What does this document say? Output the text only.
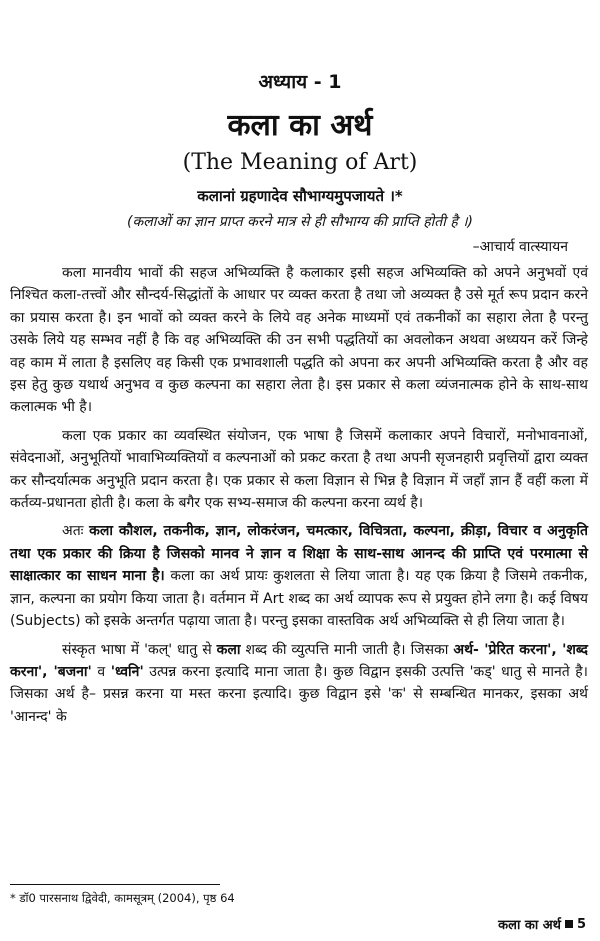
अध्याय - 1
कला का अर्थ
(The Meaning of Art)
कलानां ग्रहणादेव सौभाग्यमुपजायते ।*
(कलाओं का ज्ञान प्राप्त करने मात्र से ही सौभाग्य की प्राप्ति होती है ।)
–आचार्य वात्स्यायन

कला मानवीय भावों की सहज अभिव्यक्ति है कलाकार इसी सहज अभिव्यक्ति को अपने अनुभवों एवं निश्चित कला-तत्त्वों और सौन्दर्य-सिद्धांतों के आधार पर व्यक्त करता है तथा जो अव्यक्त है उसे मूर्त रूप प्रदान करने का प्रयास करता है। इन भावों को व्यक्त करने के लिये वह अनेक माध्यमों एवं तकनीकों का सहारा लेता है परन्तु उसके लिये यह सम्भव नहीं है कि वह अभिव्यक्ति की उन सभी पद्धतियों का अवलोकन अथवा अध्ययन करें जिन्हे वह काम में लाता है इसलिए वह किसी एक प्रभावशाली पद्धति को अपना कर अपनी अभिव्यक्ति करता है और वह इस हेतु कुछ यथार्थ अनुभव व कुछ कल्पना का सहारा लेता है। इस प्रकार से कला व्यंजनात्मक होने के साथ-साथ कलात्मक भी है।

कला एक प्रकार का व्यवस्थित संयोजन, एक भाषा है जिसमें कलाकार अपने विचारों, मनोभावनाओं, संवेदनाओं, अनुभूतियों भावाभिव्यक्तियों व कल्पनाओं को प्रकट करता है तथा अपनी सृजनहारी प्रवृत्तियों द्वारा व्यक्त कर सौन्दर्यात्मक अनुभूति प्रदान करता है। एक प्रकार से कला विज्ञान से भिन्न है विज्ञान में जहाँ ज्ञान हैं वहीं कला में कर्तव्य-प्रधानता होती है। कला के बगैर एक सभ्य-समाज की कल्पना करना व्यर्थ है।

अतः कला कौशल, तकनीक, ज्ञान, लोकरंजन, चमत्कार, विचित्रता, कल्पना, क्रीड़ा, विचार व अनुकृति तथा एक प्रकार की क्रिया है जिसको मानव ने ज्ञान व शिक्षा के साथ-साथ आनन्द की प्राप्ति एवं परमात्मा से साक्षात्कार का साधन माना है। कला का अर्थ प्रायः कुशलता से लिया जाता है। यह एक क्रिया है जिसमे तकनीक, ज्ञान, कल्पना का प्रयोग किया जाता है। वर्तमान में Art शब्द का अर्थ व्यापक रूप से प्रयुक्त होने लगा है। कई विषय (Subjects) को इसके अन्तर्गत पढ़ाया जाता है। परन्तु इसका वास्तविक अर्थ अभिव्यक्ति से ही लिया जाता है।

संस्कृत भाषा में 'कल्' धातु से कला शब्द की व्युत्पत्ति मानी जाती है। जिसका अर्थ- 'प्रेरित करना', 'शब्द करना', 'बजना' व 'ध्वनि' उत्पन्न करना इत्यादि माना जाता है। कुछ विद्वान इसकी उत्पत्ति 'कड्' धातु से मानते है। जिसका अर्थ है– प्रसन्न करना या मस्त करना इत्यादि। कुछ विद्वान इसे 'क' से सम्बन्धित मानकर, इसका अर्थ 'आनन्द' के

* डॉ0 पारसनाथ द्विवेदी, कामसूत्रम् (2004), पृष्ठ 64
कला का अर्थ 5
